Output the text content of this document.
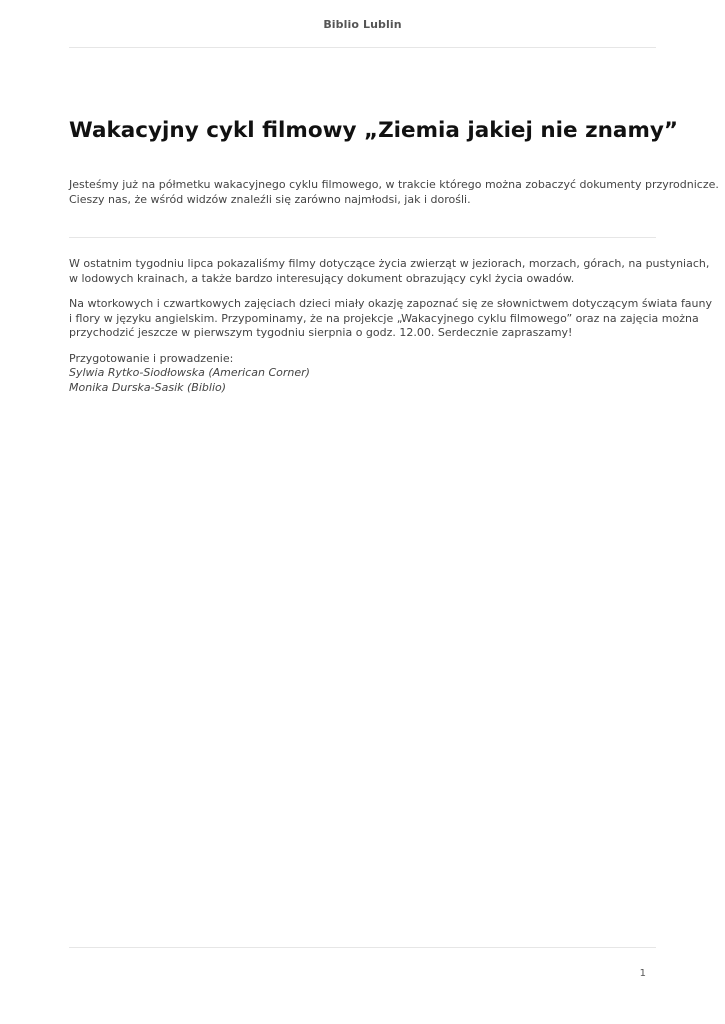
Biblio Lublin
Wakacyjny cykl filmowy „Ziemia jakiej nie znamy”
Jesteśmy już na półmetku wakacyjnego cyklu filmowego, w trakcie którego można zobaczyć dokumenty przyrodnicze.
Cieszy nas, że wśród widzów znaleźli się zarówno najmłodsi, jak i dorośli.

W ostatnim tygodniu lipca pokazaliśmy filmy dotyczące życia zwierząt w jeziorach, morzach, górach, na pustyniach,
w lodowych krainach, a także bardzo interesujący dokument obrazujący cykl życia owadów.

Na wtorkowych i czwartkowych zajęciach dzieci miały okazję zapoznać się ze słownictwem dotyczącym świata fauny
i flory w języku angielskim. Przypominamy, że na projekcje „Wakacyjnego cyklu filmowego” oraz na zajęcia można
przychodzić jeszcze w pierwszym tygodniu sierpnia o godz. 12.00. Serdecznie zapraszamy!

Przygotowanie i prowadzenie:
Sylwia Rytko-Siodłowska (American Corner)
Monika Durska-Sasik (Biblio)

1
